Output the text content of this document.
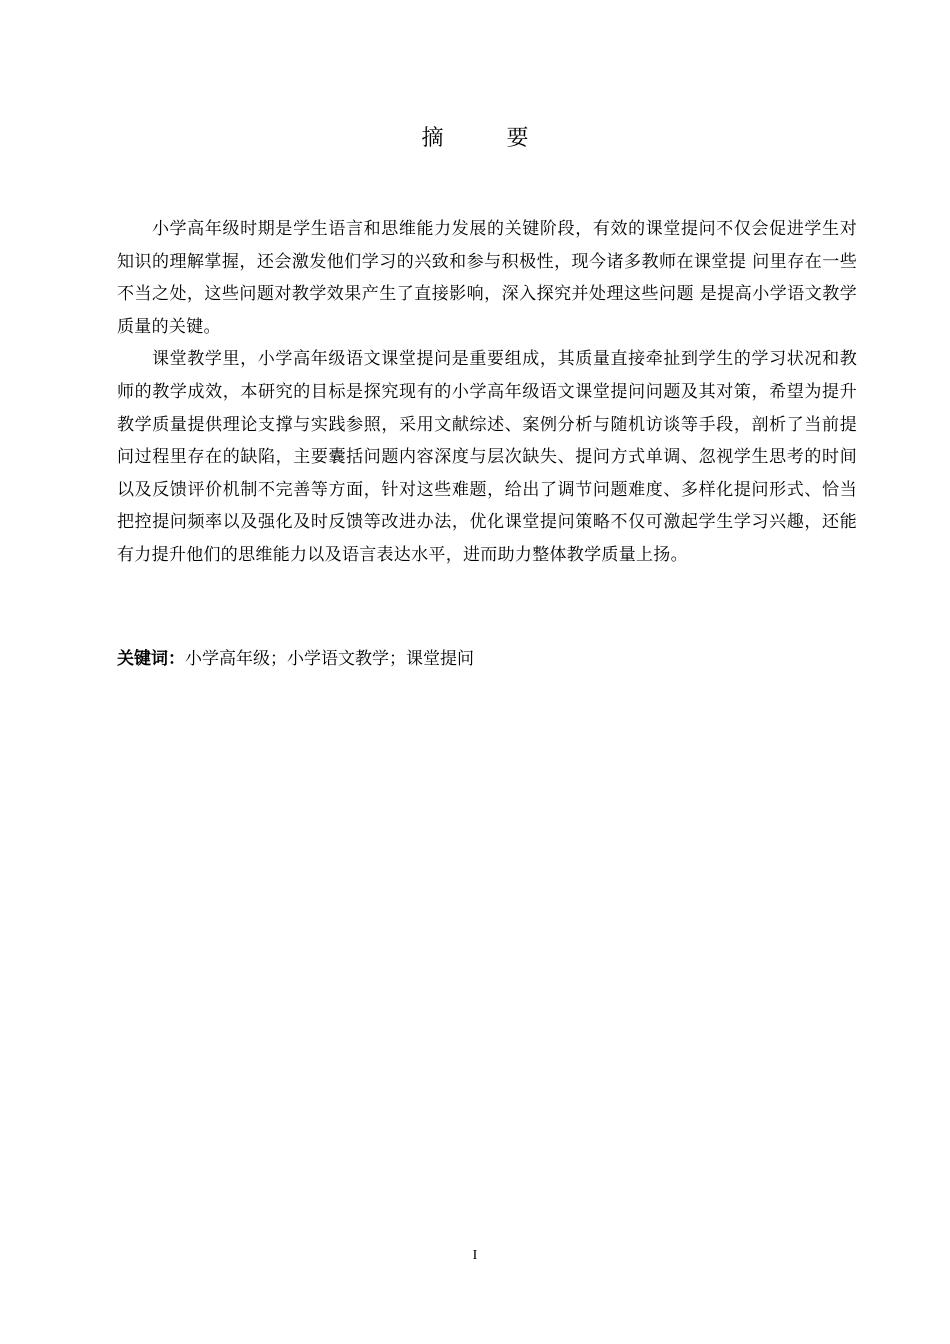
摘 要

小学高年级时期是学生语言和思维能力发展的关键阶段，有效的课堂提问不仅会促进学生对知识的理解掌握，还会激发他们学习的兴致和参与积极性，现今诸多教师在课堂提 问里存在一些不当之处，这些问题对教学效果产生了直接影响，深入探究并处理这些问题 是提高小学语文教学质量的关键。

课堂教学里，小学高年级语文课堂提问是重要组成，其质量直接牵扯到学生的学习状况和教师的教学成效，本研究的目标是探究现有的小学高年级语文课堂提问问题及其对策，希望为提升教学质量提供理论支撑与实践参照，采用文献综述、案例分析与随机访谈等手段，剖析了当前提问过程里存在的缺陷，主要囊括问题内容深度与层次缺失、提问方式单调、忽视学生思考的时间以及反馈评价机制不完善等方面，针对这些难题，给出了调节问题难度、多样化提问形式、恰当把控提问频率以及强化及时反馈等改进办法，优化课堂提问策略不仅可激起学生学习兴趣，还能有力提升他们的思维能力以及语言表达水平，进而助力整体教学质量上扬。

关键词：小学高年级；小学语文教学；课堂提问

I
